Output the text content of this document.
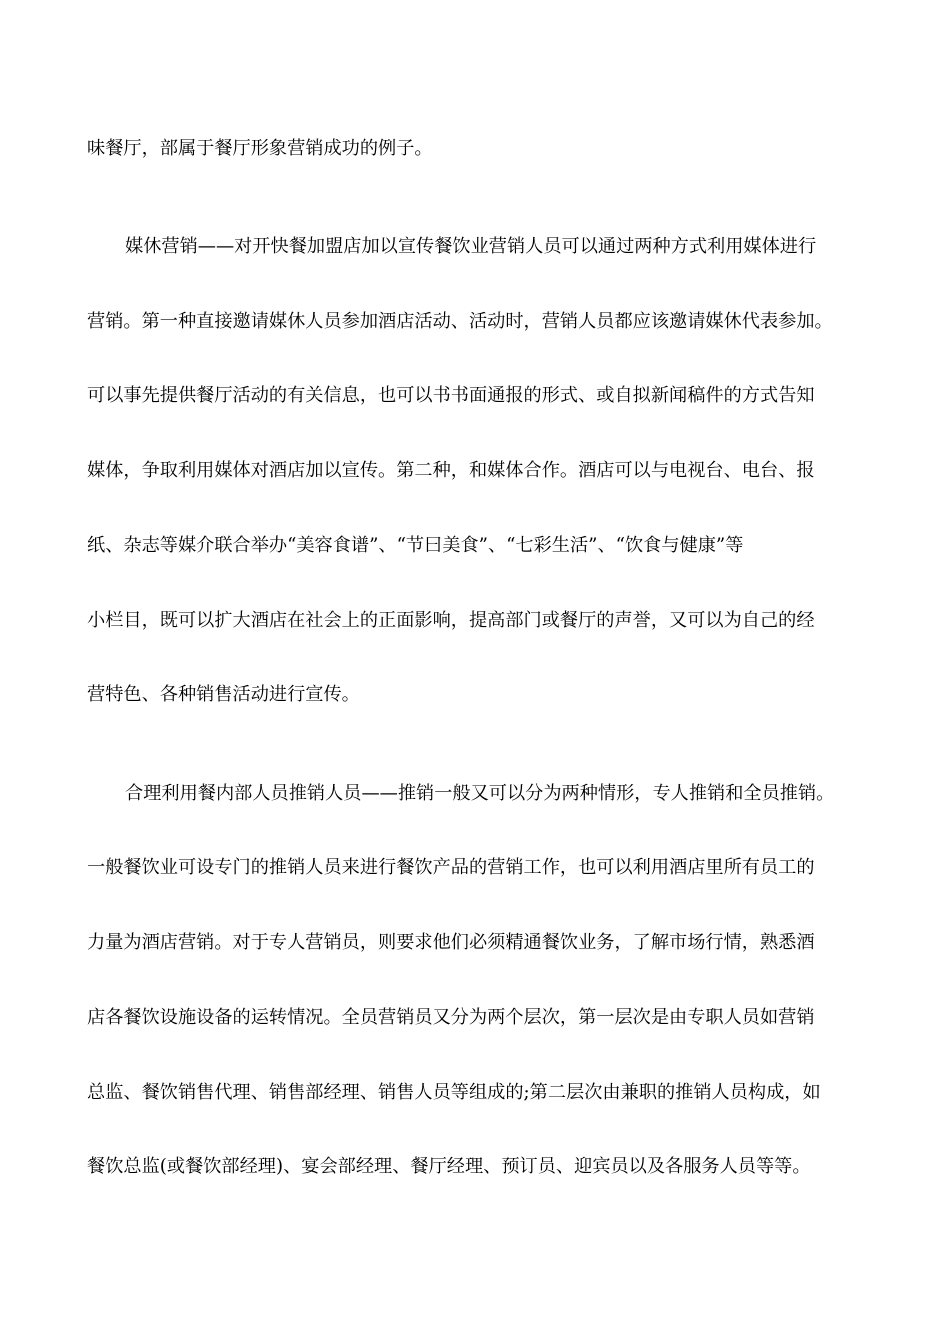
味餐厅，部属于餐厅形象营销成功的例子。
媒休营销——对开快餐加盟店加以宣传餐饮业营销人员可以通过两种方式利用媒体进行
营销。第一种直接邀请媒休人员参加酒店活动、活动时，营销人员都应该邀请媒休代表参加。
可以事先提供餐厅活动的有关信息，也可以书书面通报的形式、或自拟新闻稿件的方式告知
媒体，争取利用媒体对酒店加以宣传。第二种，和媒体合作。酒店可以与电视台、电台、报
纸、杂志等媒介联合举办“美容食谱”、“节曰美食”、“七彩生活”、“饮食与健康”等
小栏目，既可以扩大酒店在社会上的正面影响，提高部门或餐厅的声誉，又可以为自己的经
营特色、各种销售活动进行宣传。
合理利用餐内部人员推销人员——推销一般又可以分为两种情形，专人推销和全员推销。
一般餐饮业可设专门的推销人员来进行餐饮产品的营销工作，也可以利用酒店里所有员工的
力量为酒店营销。对于专人营销员，则要求他们必须精通餐饮业务，了解市场行情，熟悉酒
店各餐饮设施设备的运转情况。全员营销员又分为两个层次，第一层次是由专职人员如营销
总监、餐饮销售代理、销售部经理、销售人员等组成的;第二层次由兼职的推销人员构成，如
餐饮总监(或餐饮部经理)、宴会部经理、餐厅经理、预订员、迎宾员以及各服务人员等等。
